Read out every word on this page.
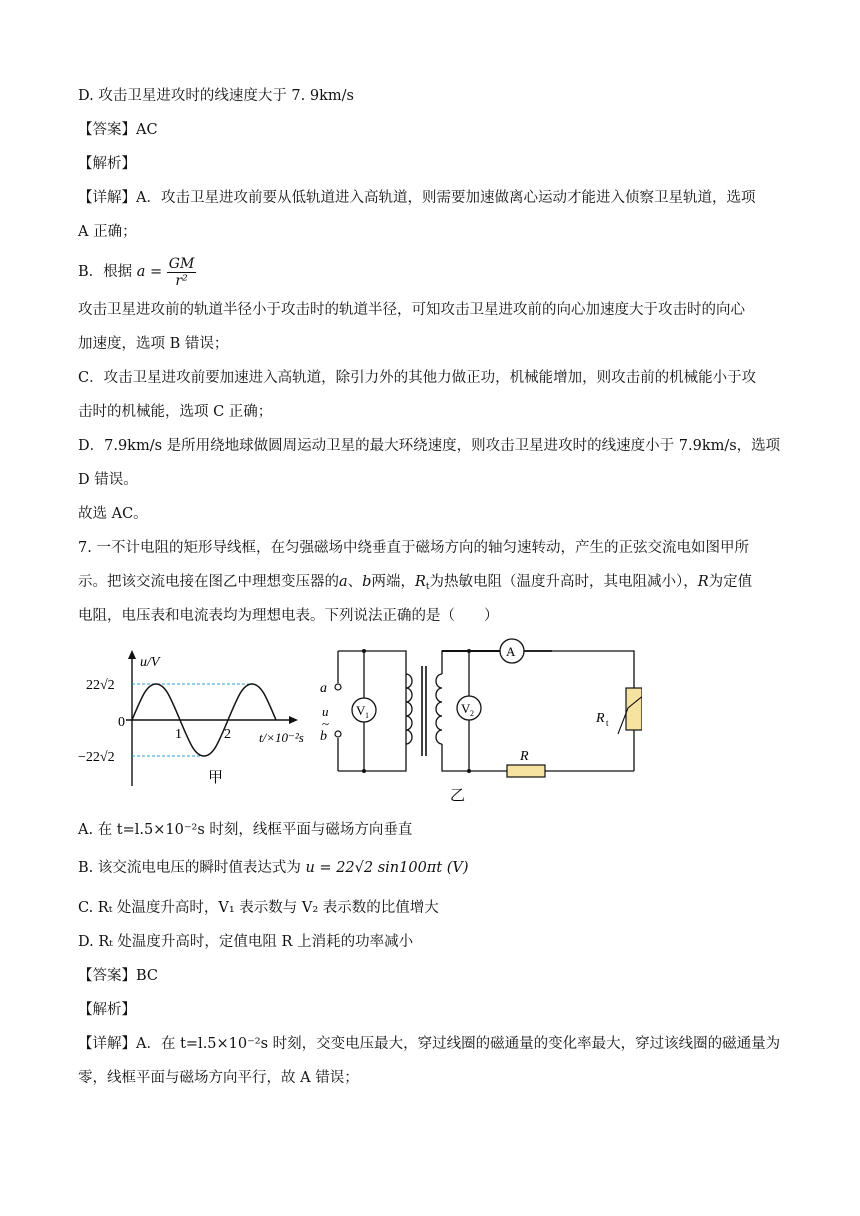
D. 攻击卫星进攻时的线速度大于 7. 9km/s
【答案】AC
【解析】
【详解】A．攻击卫星进攻前要从低轨道进入高轨道，则需要加速做离心运动才能进入侦察卫星轨道，选项
A 正确；
B．根据 $a = \frac{GM}{\text{r²}}$
攻击卫星进攻前的轨道半径小于攻击时的轨道半径，可知攻击卫星进攻前的向心加速度大于攻击时的向心
加速度，选项 B 错误；
C．攻击卫星进攻前要加速进入高轨道，除引力外的其他力做正功，机械能增加，则攻击前的机械能小于攻
击时的机械能，选项 C 正确；
D．7.9km/s 是所用绕地球做圆周运动卫星的最大环绕速度，则攻击卫星进攻时的线速度小于 7.9km/s，选项
D 错误。
故选 AC。
7. 一不计电阻的矩形导线框，在匀强磁场中绕垂直于磁场方向的轴匀速转动，产生的正弦交流电如图甲所
示。把该交流电接在图乙中理想变压器的a、b两端，$R_t$为热敏电阻（温度升高时，其电阻减小），R为定值
电阻，电压表和电流表均为理想电表。下列说法正确的是（　　）
u/V
22√2
0
−22√2
1	2 t/×10⁻²s
甲
a
u
~
b
V 1
R
A
V 2	R t
乙
A. 在 t=l.5×10⁻²s 时刻，线框平面与磁场方向垂直
B. 该交流电电压的瞬时值表达式为 u = 22√2 sin100πt (V)
C. Rₜ 处温度升高时，V₁ 表示数与 V₂ 表示数的比值增大
D. Rₜ 处温度升高时，定值电阻 R 上消耗的功率减小
【答案】BC
【解析】
【详解】A．在 t=l.5×10⁻²s 时刻，交变电压最大，穿过线圈的磁通量的变化率最大，穿过该线圈的磁通量为
零，线框平面与磁场方向平行，故 A 错误；
